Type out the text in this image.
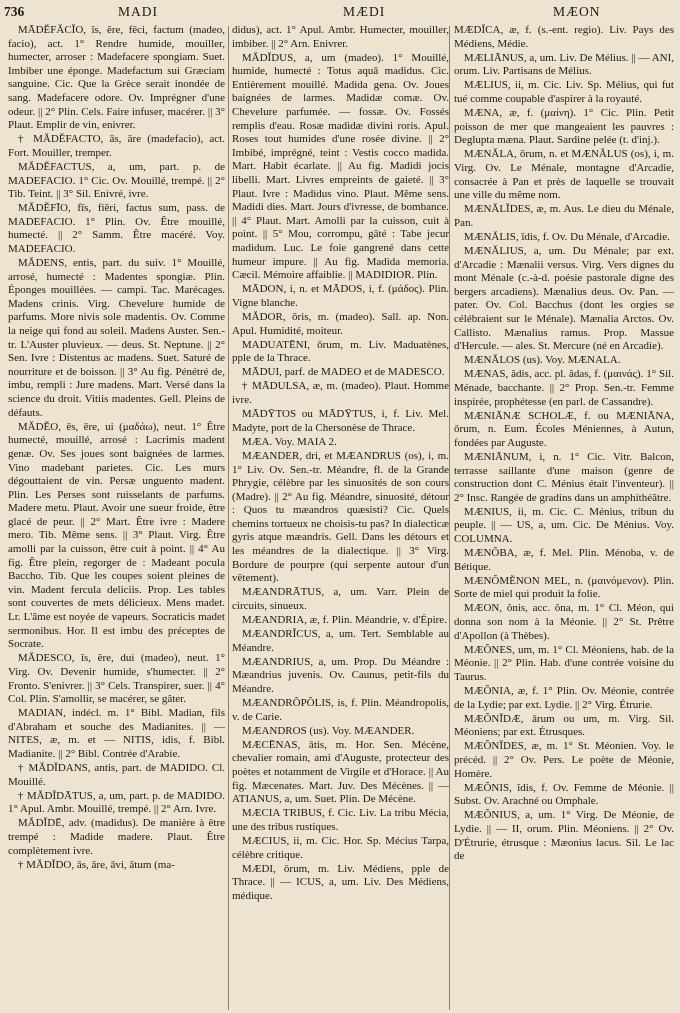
736	MADI	MÆDI	MÆON

MĀDĔFĂCĬO, ĭs, ĕre, fēci, factum (madeo, facio), act. 1° Rendre humide, mouiller, humecter, arroser : Madefacere spongiam. Suet. Imbiber une éponge. Madefactum sui Græciam sanguine. Cic. Que la Grèce serait inondée de sang. Madefacere odore. Ov. Imprégner d'une odeur. || 2° Plin. Cels. Faire infuser, macérer. || 3° Plaut. Emplir de vin, enivrer.

† MĂDĔFACTO, ās, āre (madefacio), act. Fort. Mouiller, tremper.

MĂDĔFACTUS, a, um, part. p. de MADEFACIO. 1° Cic. Ov. Mouillé, trempé. || 2° Tib. Teint. || 3° Sil. Enivré, ivre.

MĂDĔFĪO, fīs, fiĕri, factus sum, pass. de MADEFACIO. 1° Plin. Ov. Être mouillé, humecté. || 2° Samm. Être macéré. Voy. MADEFACIO.

MĂDENS, entis, part. du suiv. 1° Mouillé, arrosé, humecté : Madentes spongiæ. Plin. Éponges mouillées. — campi. Tac. Marécages. Madens crinis. Virg. Chevelure humide de parfums. More nivis sole madentis. Ov. Comme la neige qui fond au soleil. Madens Auster. Sen.-tr. L'Auster pluvieux. — deus. St. Neptune. || 2° Sen. Ivre : Distentus ac madens. Suet. Saturé de nourriture et de boisson. || 3° Au fig. Pénétré de, imbu, rempli : Jure madens. Mart. Versé dans la science du droit. Vitiis madentes. Gell. Pleins de défauts.

MĂDĔO, ēs, ēre, ui (μαδάω), neut. 1° Être humecté, mouillé, arrosé : Lacrimis madent genæ. Ov. Ses joues sont baignées de larmes. Vino madebant parietes. Cic. Les murs dégouttaient de vin. Persæ unguento madent. Plin. Les Perses sont ruisselants de parfums. Madere metu. Plaut. Avoir une sueur froide, être glacé de peur. || 2° Mart. Être ivre : Madere mero. Tib. Même sens. || 3° Plaut. Virg. Être amolli par la cuisson, être cuit à point. || 4° Au fig. Être plein, regorger de : Madeant pocula Baccho. Tib. Que les coupes soient pleines de vin. Madent fercula deliciis. Prop. Les tables sont couvertes de mets délicieux. Mens madet. Lr. L'âme est noyée de vapeurs. Socraticis madet sermonibus. Hor. Il est imbu des préceptes de Socrate.

MĂDESCO, ĭs, ĕre, dui (madeo), neut. 1° Virg. Ov. Devenir humide, s'humecter. || 2° Fronto. S'enivrer. || 3° Cels. Transpirer, suer. || 4° Col. Plin. S'amollir, se macérer, se gâter.

MADIAN, indécl. m. 1° Bibl. Madian, fils d'Abraham et souche des Madianites. || — NITES, æ, m. et — NITIS, idis, f. Bibl. Madianite. || 2° Bibl. Contrée d'Arabie.

† MĂDĬDANS, antis, part. de MADIDO. Cl. Mouillé.

† MĂDĬDĀTUS, a, um, part. p. de MADIDO. 1° Apul. Ambr. Mouillé, trempé. || 2° Arn. Ivre.

MĂDĬDĒ, adv. (madidus). De manière à être trempé : Madide madere. Plaut. Être complètement ivre.

† MĂDĬDO, ās, āre, āvi, ātum (ma-

didus), act. 1° Apul. Ambr. Humecter, mouiller, imbiber. || 2° Arn. Enivrer.

MĂDĬDUS, a, um (madeo). 1° Mouillé, humide, humecté : Totus aquā madidus. Cic. Entièrement mouillé. Madida gena. Ov. Joues baignées de larmes. Madidæ comæ. Ov. Chevelure parfumée. — fossæ. Ov. Fossés remplis d'eau. Rosæ madidæ divini roris. Apul. Roses tout humides d'une rosée divine. || 2° Imbibé, imprégné, teint : Vestis cocco madida. Mart. Habit écarlate. || Au fig. Madidi jocis libelli. Mart. Livres empreints de gaieté. || 3° Plaut. Ivre : Madidus vino. Plaut. Même sens. Madidi dies. Mart. Jours d'ivresse, de bombance. || 4° Plaut. Mart. Amolli par la cuisson, cuit à point. || 5° Mou, corrompu, gâté : Tabe jecur madidum. Luc. Le foie gangrené dans cette humeur impure. || Au fig. Madida memoria. Cæcil. Mémoire affaiblie. || MADIDIOR. Plin.

MĀDON, i, n. et MĀDOS, i, f. (μάδος). Plin. Vigne blanche.

MĂDOR, ōris, m. (madeo). Sall. ap. Non. Apul. Humidité, moiteur.

MADUATĒNI, ōrum, m. Liv. Maduatènes, pple de la Thrace.

MĀDUI, parf. de MADEO et de MADESCO.

† MĀDULSA, æ, m. (madeo). Plaut. Homme ivre.

MĀDȲTOS ou MĀDȲTUS, i, f. Liv. Mel. Madyte, port de la Chersonèse de Thrace.

MÆA. Voy. MAIA 2.

MÆANDER, dri, et MÆANDRUS (os), i, m. 1° Liv. Ov. Sen.-tr. Méandre, fl. de la Grande Phrygie, célèbre par les sinuosités de son cours (Madre). || 2° Au fig. Méandre, sinuosité, détour : Quos tu mæandros quæsisti? Cic. Quels chemins tortueux ne choisis-tu pas? In dialecticæ gyris atque mæandris. Gell. Dans les détours et les méandres de la dialectique. || 3° Virg. Bordure de pourpre (qui serpente autour d'un vêtement).

MÆANDRĀTUS, a, um. Varr. Plein de circuits, sinueux.

MÆANDRIA, æ, f. Plin. Méandrie, v. d'Épire.

MÆANDRĬCUS, a, um. Tert. Semblable au Méandre.

MÆANDRIUS, a, um. Prop. Du Méandre : Mæandrius juvenis. Ov. Caunus, petit-fils du Méandre.

MÆANDRŎPŎLIS, is, f. Plin. Méandropolis, v. de Carie.

MÆANDROS (us). Voy. MÆANDER.

MÆCĒNAS, ātis, m. Hor. Sen. Mécène, chevalier romain, ami d'Auguste, protecteur des poètes et notamment de Virgile et d'Horace. || Au fig. Mæcenates. Mart. Juv. Des Mécènes. || — ATIANUS, a, um. Suet. Plin. De Mécène.

MÆCIA TRIBUS, f. Cic. Liv. La tribu Mécia, une des tribus rustiques.

MÆCIUS, ii, m. Cic. Hor. Sp. Mécius Tarpa, célèbre critique.

MÆDI, ōrum, m. Liv. Médiens, pple de Thrace. || — ICUS, a, um. Liv. Des Médiens, médique.

MÆDĬCA, æ, f. (s.-ent. regio). Liv. Pays des Médiens, Médie.

MÆLIĀNUS, a, um. Liv. De Mélius. || — ANI, orum. Liv. Partisans de Mélius.

MÆLIUS, ii, m. Cic. Liv. Sp. Mélius, qui fut tué comme coupable d'aspirer à la royauté.

MÆNA, æ, f. (μαίνη). 1° Cic. Plin. Petit poisson de mer que mangeaient les pauvres : Deglupta mæna. Plaut. Sardine pelée (t. d'inj.).

MÆNĂLA, ōrum, n. et MÆNĂLUS (os), i, m. Virg. Ov. Le Ménale, montagne d'Arcadie, consacrée à Pan et près de laquelle se trouvait une ville du même nom.

MÆNĂLĬDES, æ, m. Aus. Le dieu du Ménale, Pan.

MÆNĂLIS, ĭdis, f. Ov. Du Ménale, d'Arcadie.

MÆNĂLIUS, a, um. Du Ménale; par ext. d'Arcadie : Mænalii versus. Virg. Vers dignes du mont Ménale (c.-à-d. poésie pastorale digne des bergers arcadiens). Mænalius deus. Ov. Pan. — pater. Ov. Col. Bacchus (dont les orgies se célébraient sur le Ménale). Mænalia Arctos. Ov. Callisto. Mænalius ramus. Prop. Massue d'Hercule. — ales. St. Mercure (né en Arcadie).

MÆNĂLOS (us). Voy. MÆNALA.

MÆNAS, ădis, acc. pl. ădas, f. (μαινάς). 1° Sil. Ménade, bacchante. || 2° Prop. Sen.-tr. Femme inspirée, prophétesse (en parl. de Cassandre).

MÆNIĀNÆ SCHOLÆ, f. ou MÆNIĀNA, ōrum, n. Eum. Écoles Méniennes, à Autun, fondées par Auguste.

MÆNIĀNUM, i, n. 1° Cic. Vitr. Balcon, terrasse saillante d'une maison (genre de construction dont C. Ménius était l'inventeur). || 2° Insc. Rangée de gradins dans un amphithéâtre.

MÆNIUS, ii, m. Cic. C. Ménius, tribun du peuple. || — US, a, um. Cic. De Ménius. Voy. COLUMNA.

MÆNŎBA, æ, f. Mel. Plin. Ménoba, v. de Bétique.

MÆNŎMĔNON MEL, n. (μαινόμενον). Plin. Sorte de miel qui produit la folie.

MÆON, ŏnis, acc. ŏna, m. 1° Cl. Méon, qui donna son nom à la Méonie. || 2° St. Prêtre d'Apollon (à Thèbes).

MÆŎNES, um, m. 1° Cl. Méoniens, hab. de la Méonie. || 2° Plin. Hab. d'une contrée voisine du Taurus.

MÆŎNIA, æ, f. 1° Plin. Ov. Méonie, contrée de la Lydie; par ext. Lydie. || 2° Virg. Étrurie.

MÆŎNĬDÆ, ārum ou um, m. Virg. Sil. Méoniens; par ext. Étrusques.

MÆŎNĬDES, æ, m. 1° St. Méonien. Voy. le précéd. || 2° Ov. Pers. Le poète de Méonie, Homère.

MÆŎNIS, ĭdis, f. Ov. Femme de Méonie. || Subst. Ov. Arachné ou Omphale.

MÆŎNIUS, a, um. 1° Virg. De Méonie, de Lydie. || — II, orum. Plin. Méoniens. || 2° Ov. D'Étrurie, étrusque : Mæonius lacus. Sil. Le lac de
